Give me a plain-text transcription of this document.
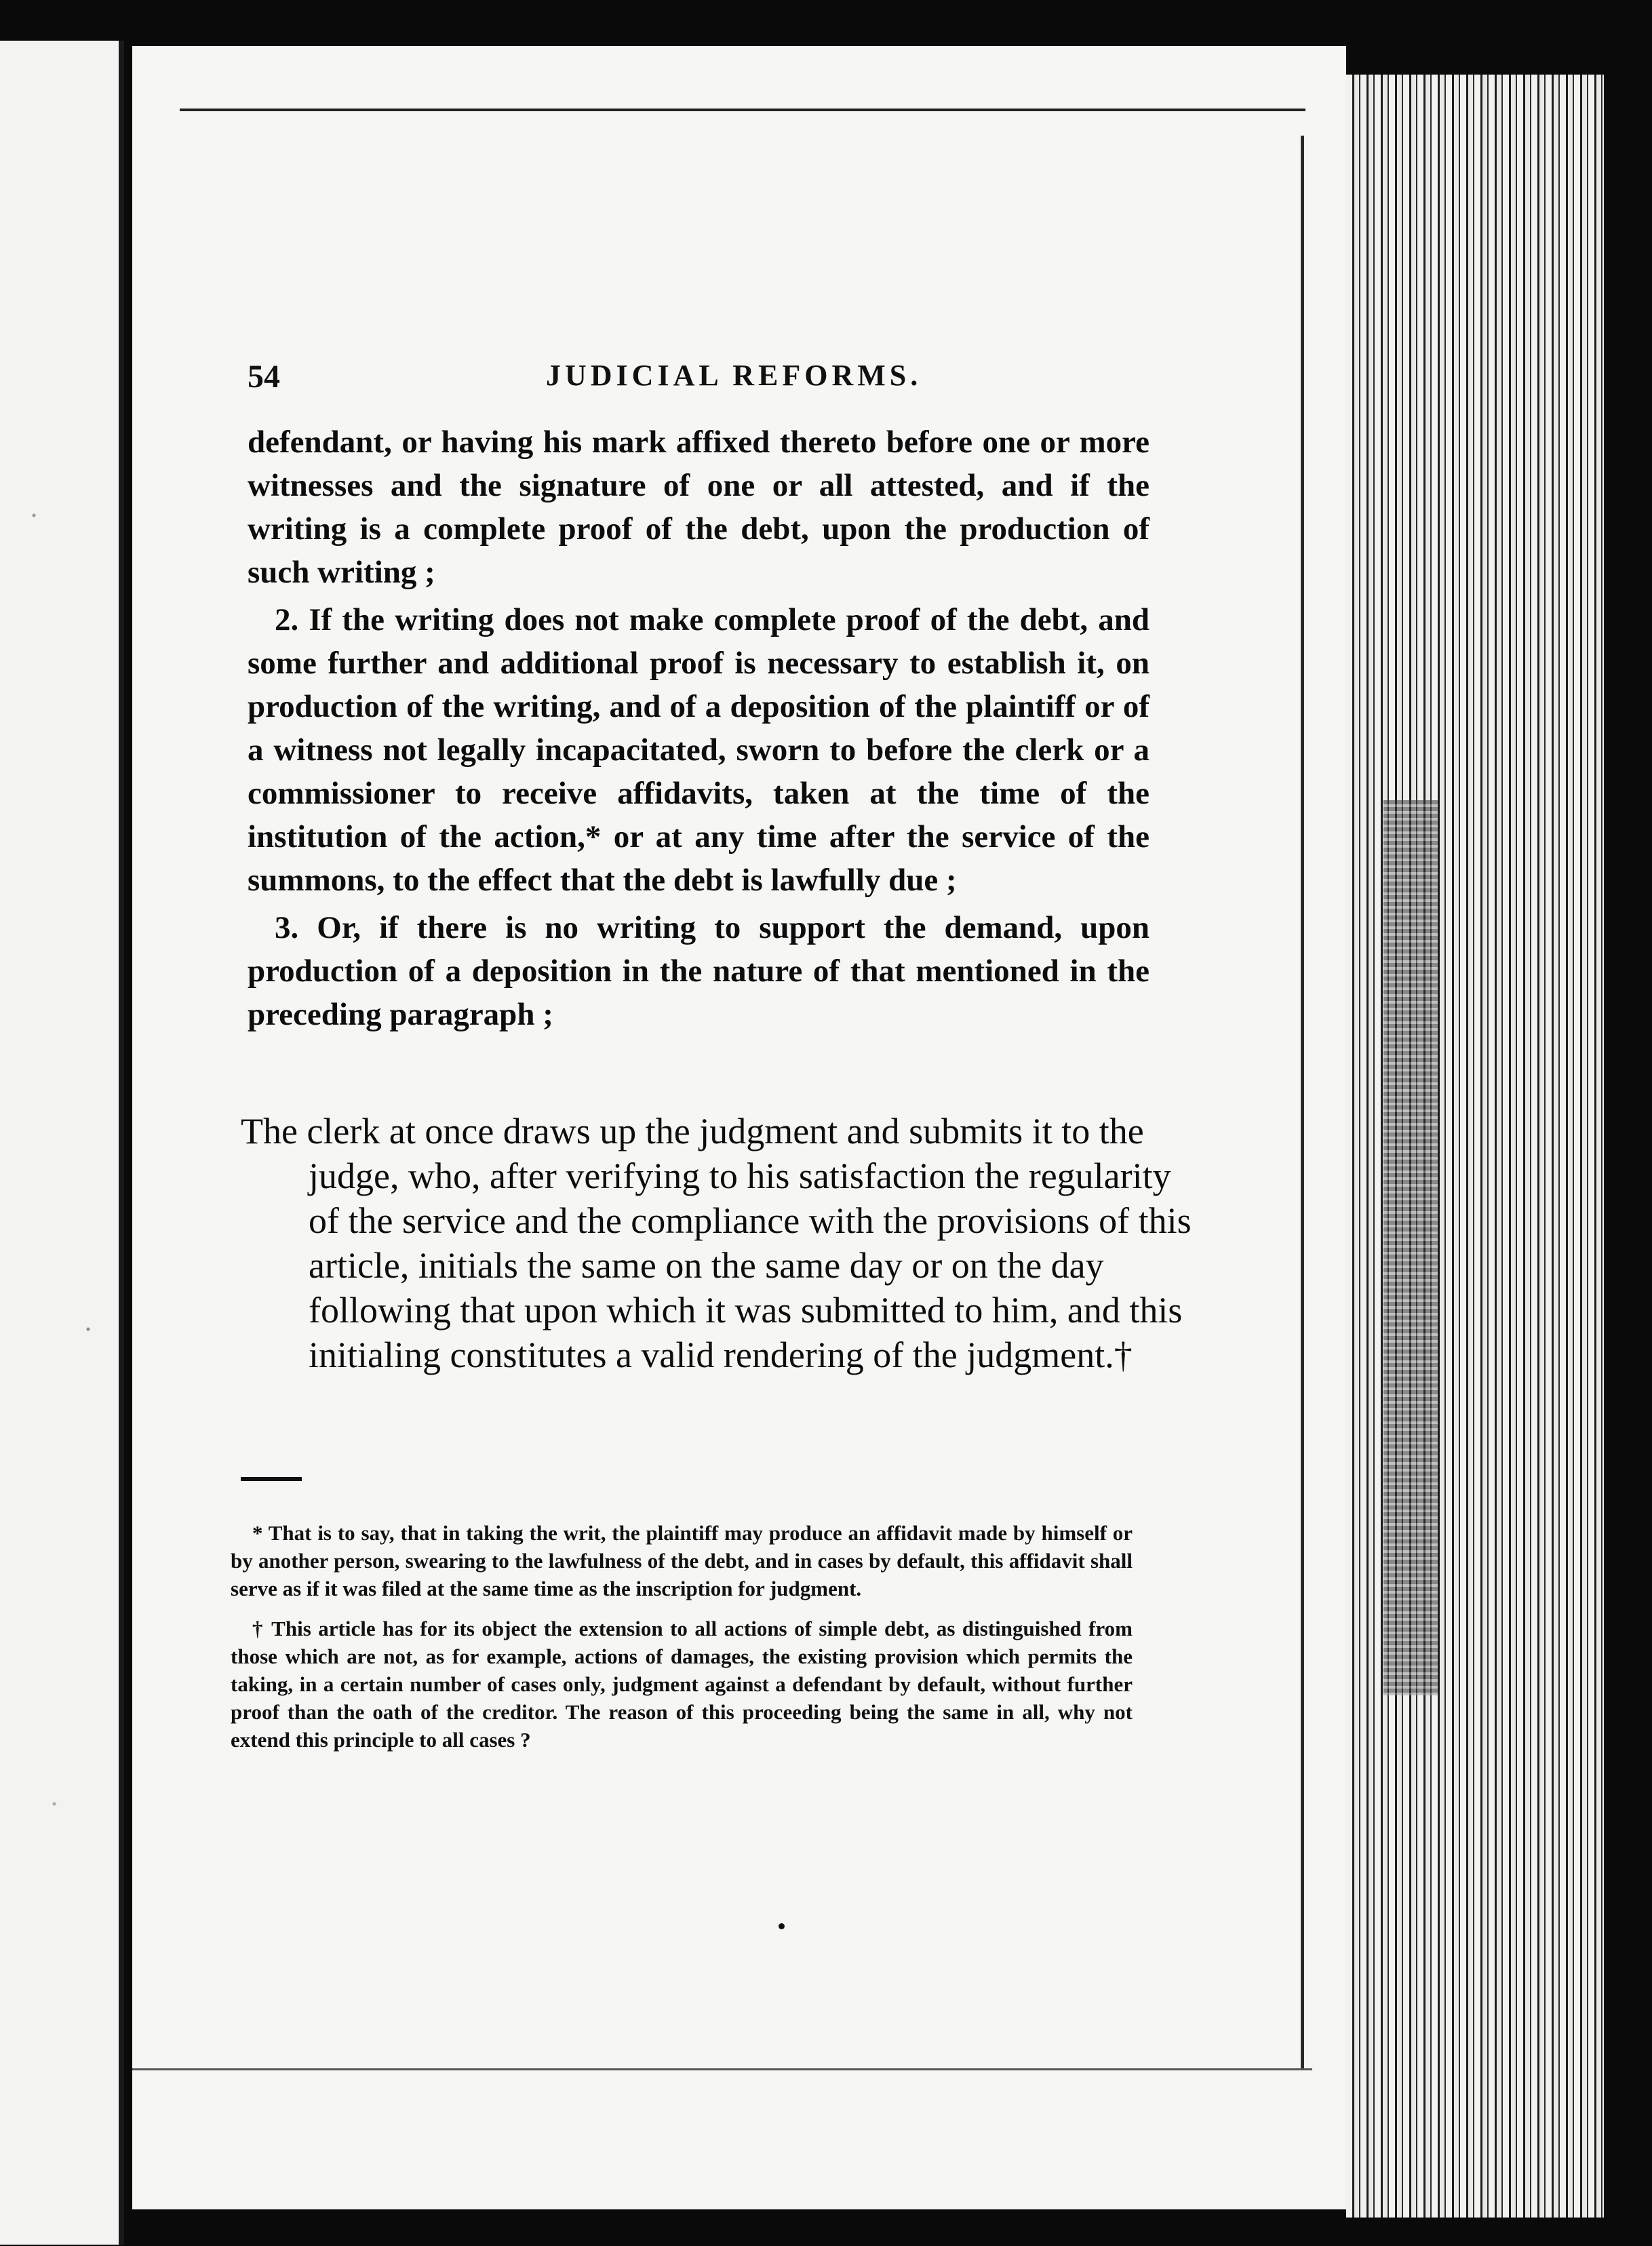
54	JUDICIAL REFORMS.

defendant, or having his mark affixed thereto before one or more witnesses and the signature of one or all attested, and if the writing is a complete proof of the debt, upon the production of such writing ;

2. If the writing does not make complete proof of the debt, and some further and additional proof is necessary to establish it, on production of the writing, and of a deposition of the plaintiff or of a witness not legally incapacitated, sworn to before the clerk or a commissioner to receive affidavits, taken at the time of the institution of the action,* or at any time after the service of the summons, to the effect that the debt is lawfully due ;

3. Or, if there is no writing to support the demand, upon production of a deposition in the nature of that mentioned in the preceding paragraph ;

The clerk at once draws up the judgment and submits it to the judge, who, after verifying to his satisfaction the regularity of the service and the compliance with the provisions of this article, initials the same on the same day or on the day following that upon which it was submitted to him, and this initialing constitutes a valid rendering of the judgment.†

* That is to say, that in taking the writ, the plaintiff may produce an affidavit made by himself or by another person, swearing to the lawfulness of the debt, and in cases by default, this affidavit shall serve as if it was filed at the same time as the inscription for judgment.

† This article has for its object the extension to all actions of simple debt, as distinguished from those which are not, as for example, actions of damages, the existing provision which permits the taking, in a certain number of cases only, judgment against a defendant by default, without further proof than the oath of the creditor. The reason of this proceeding being the same in all, why not extend this principle to all cases ?
